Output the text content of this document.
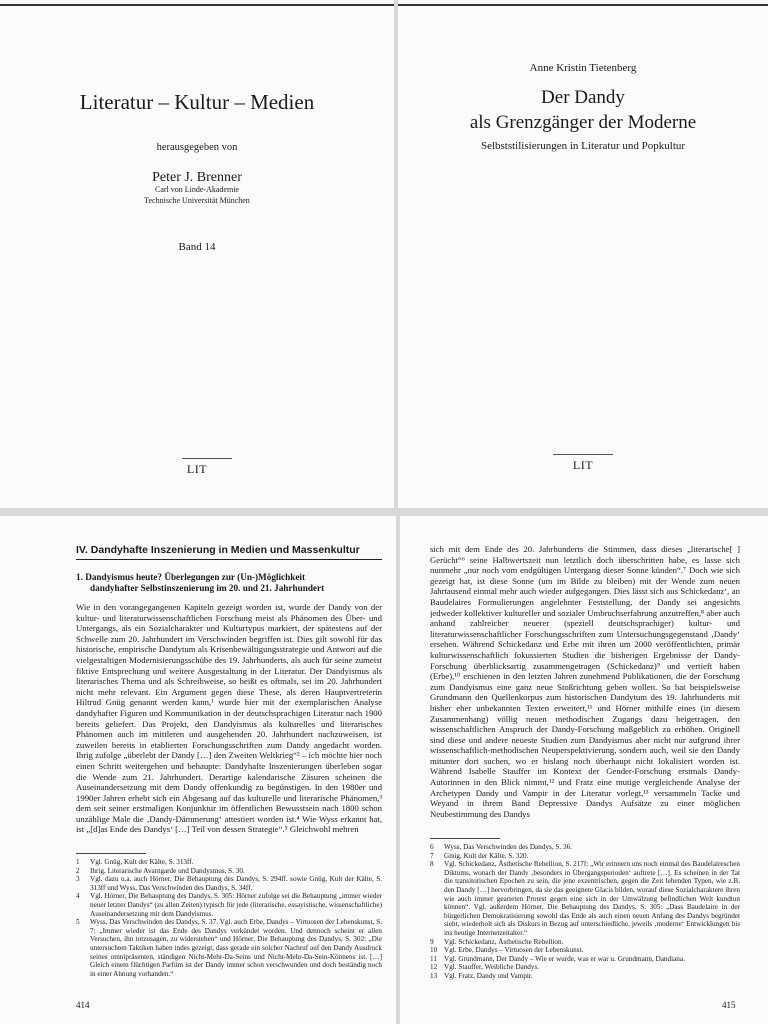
Literatur – Kultur – Medien
herausgegeben von
Peter J. Brenner
Carl von Linde-Akademie
Technische Universität München
Band 14
LIT
Anne Kristin Tietenberg
Der Dandy
als Grenzgänger der Moderne
Selbststilisierungen in Literatur und Popkultur
LIT
IV. Dandyhafte Inszenierung in Medien und Massenkultur
1. Dandyismus heute? Überlegungen zur (Un-)Möglichkeit
dandyhafter Selbstinszenierung im 20. und 21. Jahrhundert

Wie in den vorangegangenen Kapiteln gezeigt worden ist, wurde der Dandy von der kultur- und literaturwissenschaftlichen Forschung meist als Phänomen des Über- und Untergangs, als ein Sozialcharakter und Kulturtypus markiert, der spätestens auf der Schwelle zum 20. Jahrhundert im Verschwinden begriffen ist. Dies gilt sowohl für das historische, empirische Dandytum als Krisenbewältigungsstrategie und Antwort auf die vielgestaltigen Modernisierungsschübe des 19. Jahrhunderts, als auch für seine zumeist fiktive Entsprechung und weitere Ausgestaltung in der Literatur. Der Dandyismus als literarisches Thema und als Schreibweise, so heißt es oftmals, sei im 20. Jahrhundert nicht mehr relevant. Ein Argument gegen diese These, als deren Hauptvertreterin Hiltrud Gnüg genannt werden kann,¹ wurde hier mit der exemplarischen Analyse dandyhafter Figuren und Kommunikation in der deutschsprachigen Literatur nach 1900 bereits geliefert. Das Projekt, den Dandyismus als kulturelles und literarisches Phänomen auch im mittleren und ausgehenden 20. Jahrhundert nachzuweisen, ist zuweilen bereits in etablierten Forschungsschriften zum Dandy angedacht worden. Ihrig zufolge „überlebt der Dandy […] den Zweiten Weltkrieg“² – ich möchte hier noch einen Schritt weitergehen und behaupte: Dandyhafte Inszenierungen überleben sogar die Wende zum 21. Jahrhundert. Derartige kalendarische Zäsuren scheinen die Auseinandersetzung mit dem Dandy offenkundig zu begünstigen. In den 1980er und 1990er Jahren erhebt sich ein Abgesang auf das kulturelle und literarische Phänomen,³ dem seit seiner erstmaligen Konjunktur im öffentlichen Bewusstsein nach 1800 schon unzählige Male die ‚Dandy-Dämmerung‘ attestiert worden ist.⁴ Wie Wyss erkannt hat, ist „[d]as Ende des Dandys‘ […] Teil von dessen Strategie“.⁵ Gleichwohl mehren

1	Vgl. Gnüg, Kult der Kälte, S. 313ff.
2	Ihrig, Literarische Avantgarde und Dandysmus, S. 30.
3	Vgl. dazu u.a. auch Hörner, Die Behauptung des Dandys, S. 294ff. sowie Gnüg, Kult der Kälte, S. 313ff und Wyss, Das Verschwinden des Dandys, S. 34ff.
4	Vgl. Hörner, Die Behauptung des Dandys, S. 305: Hörner zufolge sei die Behauptung „immer wieder neuer letzter Dandys“ (zu allen Zeiten) typisch für jede (literarische, essayistische, wissenschaftliche) Auseinandersetzung mit dem Dandyismus.
5	Wyss, Das Verschwinden des Dandys, S. 37. Vgl. auch Erbe, Dandys – Virtuosen der Lebenskunst, S. 7: „Immer wieder ist das Ende des Dandys verkündet worden. Und dennoch scheint er allen Versuchen, ihn totzusagen, zu widerstehen“ und Hörner, Die Behauptung des Dandys, S. 302: „Die untersuchten Taktiken haben indes gezeigt, dass gerade ein solcher Nachruf auf den Dandy Ausdruck seines omnipräsenten, ständigen Nicht-Mehr-Da-Seins und Nicht-Mehr-Da-Sein-Könnens ist. […] Gleich einem flüchtigen Parfüm ist der Dandy immer schon verschwunden und doch beständig noch in einer Ahnung vorhanden.“
414

sich mit dem Ende des 20. Jahrhunderts die Stimmen, dass dieses „literarische[ ] Gerücht“⁶ seine Halbwertszeit nun letztlich doch überschritten habe, es lasse sich nunmehr „nur noch vom endgültigen Untergang dieser Sonne künden“.⁷ Doch wie sich gezeigt hat, ist diese Sonne (um im Bilde zu bleiben) mit der Wende zum neuen Jahrtausend einmal mehr auch wieder aufgegangen. Dies lässt sich aus Schickedanz‘, an Baudelaires Formulierungen angelehnter Feststellung, der Dandy sei angesichts jedweder kollektiver kultureller und sozialer Umbruchserfahrung anzutreffen,⁸ aber auch anhand zahlreicher neuerer (speziell deutschsprachiger) kultur- und literaturwissenschaftlicher Forschungsschriften zum Untersuchungsgegenstand ‚Dandy‘ ersehen. Während Schickedanz und Erbe mit ihren um 2000 veröffentlichten, primär kulturwissenschaftlich fokussierten Studien die bisherigen Ergebnisse der Dandy-Forschung überblicksartig zusammengetragen (Schickedanz)⁹ und vertieft haben (Erbe),¹⁰ erschienen in den letzten Jahren zunehmend Publikationen, die der Forschung zum Dandyismus eine ganz neue Stoßrichtung geben wollen. So hat beispielsweise Grundmann den Quellenkorpus zum historischen Dandytum des 19. Jahrhunderts mit bisher eher unbekannten Texten erweitert,¹¹ und Hörner mithilfe eines (in diesem Zusammenhang) völlig neuen methodischen Zugangs dazu beigetragen, den wissenschaftlichen Anspruch der Dandy-Forschung maßgeblich zu erhöhen. Originell sind diese und andere neueste Studien zum Dandyismus aber nicht nur aufgrund ihrer wissenschaftlich-methodischen Neuperspektivierung, sondern auch, weil sie den Dandy mitunter dort suchen, wo er bislang noch überhaupt nicht lokalisiert worden ist. Während Isabelle Stauffer im Kontext der Gender-Forschung erstmals Dandy-Autorinnen in den Blick nimmt,¹² und Fratz eine mutige vergleichende Analyse der Archetypen Dandy und Vampir in der Literatur vorlegt,¹³ versammeln Tacke und Weyand in ihrem Band Depressive Dandys Aufsätze zu einer möglichen Neubestimmung des Dandys

6	Wyss, Das Verschwinden des Dandys, S. 36.
7	Gnüg, Kult der Kälte, S. 320.
8	Vgl. Schickedanz, Ästhetische Rebellion, S. 217f: „Wir erinnern uns noch einmal des Baudelaireschen Diktums, wonach der Dandy ‚besonders in Übergangsperioden‘ auftrete […]. Es scheinen in der Tat die transitorischen Epochen zu sein, die jene exzentrischen, gegen die Zeit lebenden Typen, wie z.B. den Dandy […] hervorbringen, da sie das geeignete Glacis bilden, worauf diese Sozialcharaktere ihren wie auch immer gearteten Protest gegen eine sich in der Umwälzung befindlichen Welt kundtun können“. Vgl. außerdem Hörner, Die Behauptung des Dandys, S. 305: „Dass Baudelaire in der bürgerlichen Demokratisierung sowohl das Ende als auch einen neuen Anfang des Dandys begründet sieht, wiederholt sich als Diskurs in Bezug auf unterschiedliche, jeweils ‚moderne‘ Entwicklungen bis ins heutige Internetzeitalter.“
9	Vgl. Schickedanz, Ästhetische Rebellion.
10 Vgl. Erbe, Dandys – Virtuosen der Lebenskunst.
11 Vgl. Grundmann, Der Dandy – Wie er wurde, was er war u. Grundmann, Dandiana.
12 Vgl. Stauffer, Weibliche Dandys.
13 Vgl. Fratz, Dandy und Vampir.
415
